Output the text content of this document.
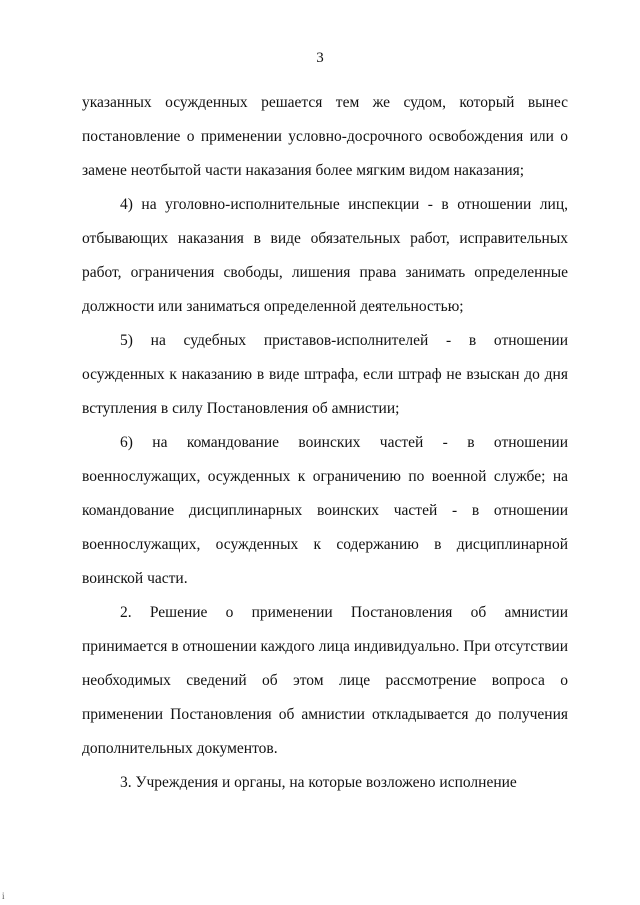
3

указанных осужденных решается тем же судом, который вынес постановление о применении условно-досрочного освобождения или о замене неотбытой части наказания более мягким видом наказания;

4) на уголовно-исполнительные инспекции - в отношении лиц, отбывающих наказания в виде обязательных работ, исправительных работ, ограничения свободы, лишения права занимать определенные должности или заниматься определенной деятельностью;

5) на судебных приставов-исполнителей - в отношении осужденных к наказанию в виде штрафа, если штраф не взыскан до дня вступления в силу Постановления об амнистии;

6) на командование воинских частей - в отношении военнослужащих, осужденных к ограничению по военной службе; на командование дисциплинарных воинских частей - в отношении военнослужащих, осужденных к содержанию в дисциплинарной воинской части.

2. Решение о применении Постановления об амнистии принимается в отношении каждого лица индивидуально. При отсутствии необходимых сведений об этом лице рассмотрение вопроса о применении Постановления об амнистии откладывается до получения дополнительных документов.

3. Учреждения и органы, на которые возложено исполнение

i
